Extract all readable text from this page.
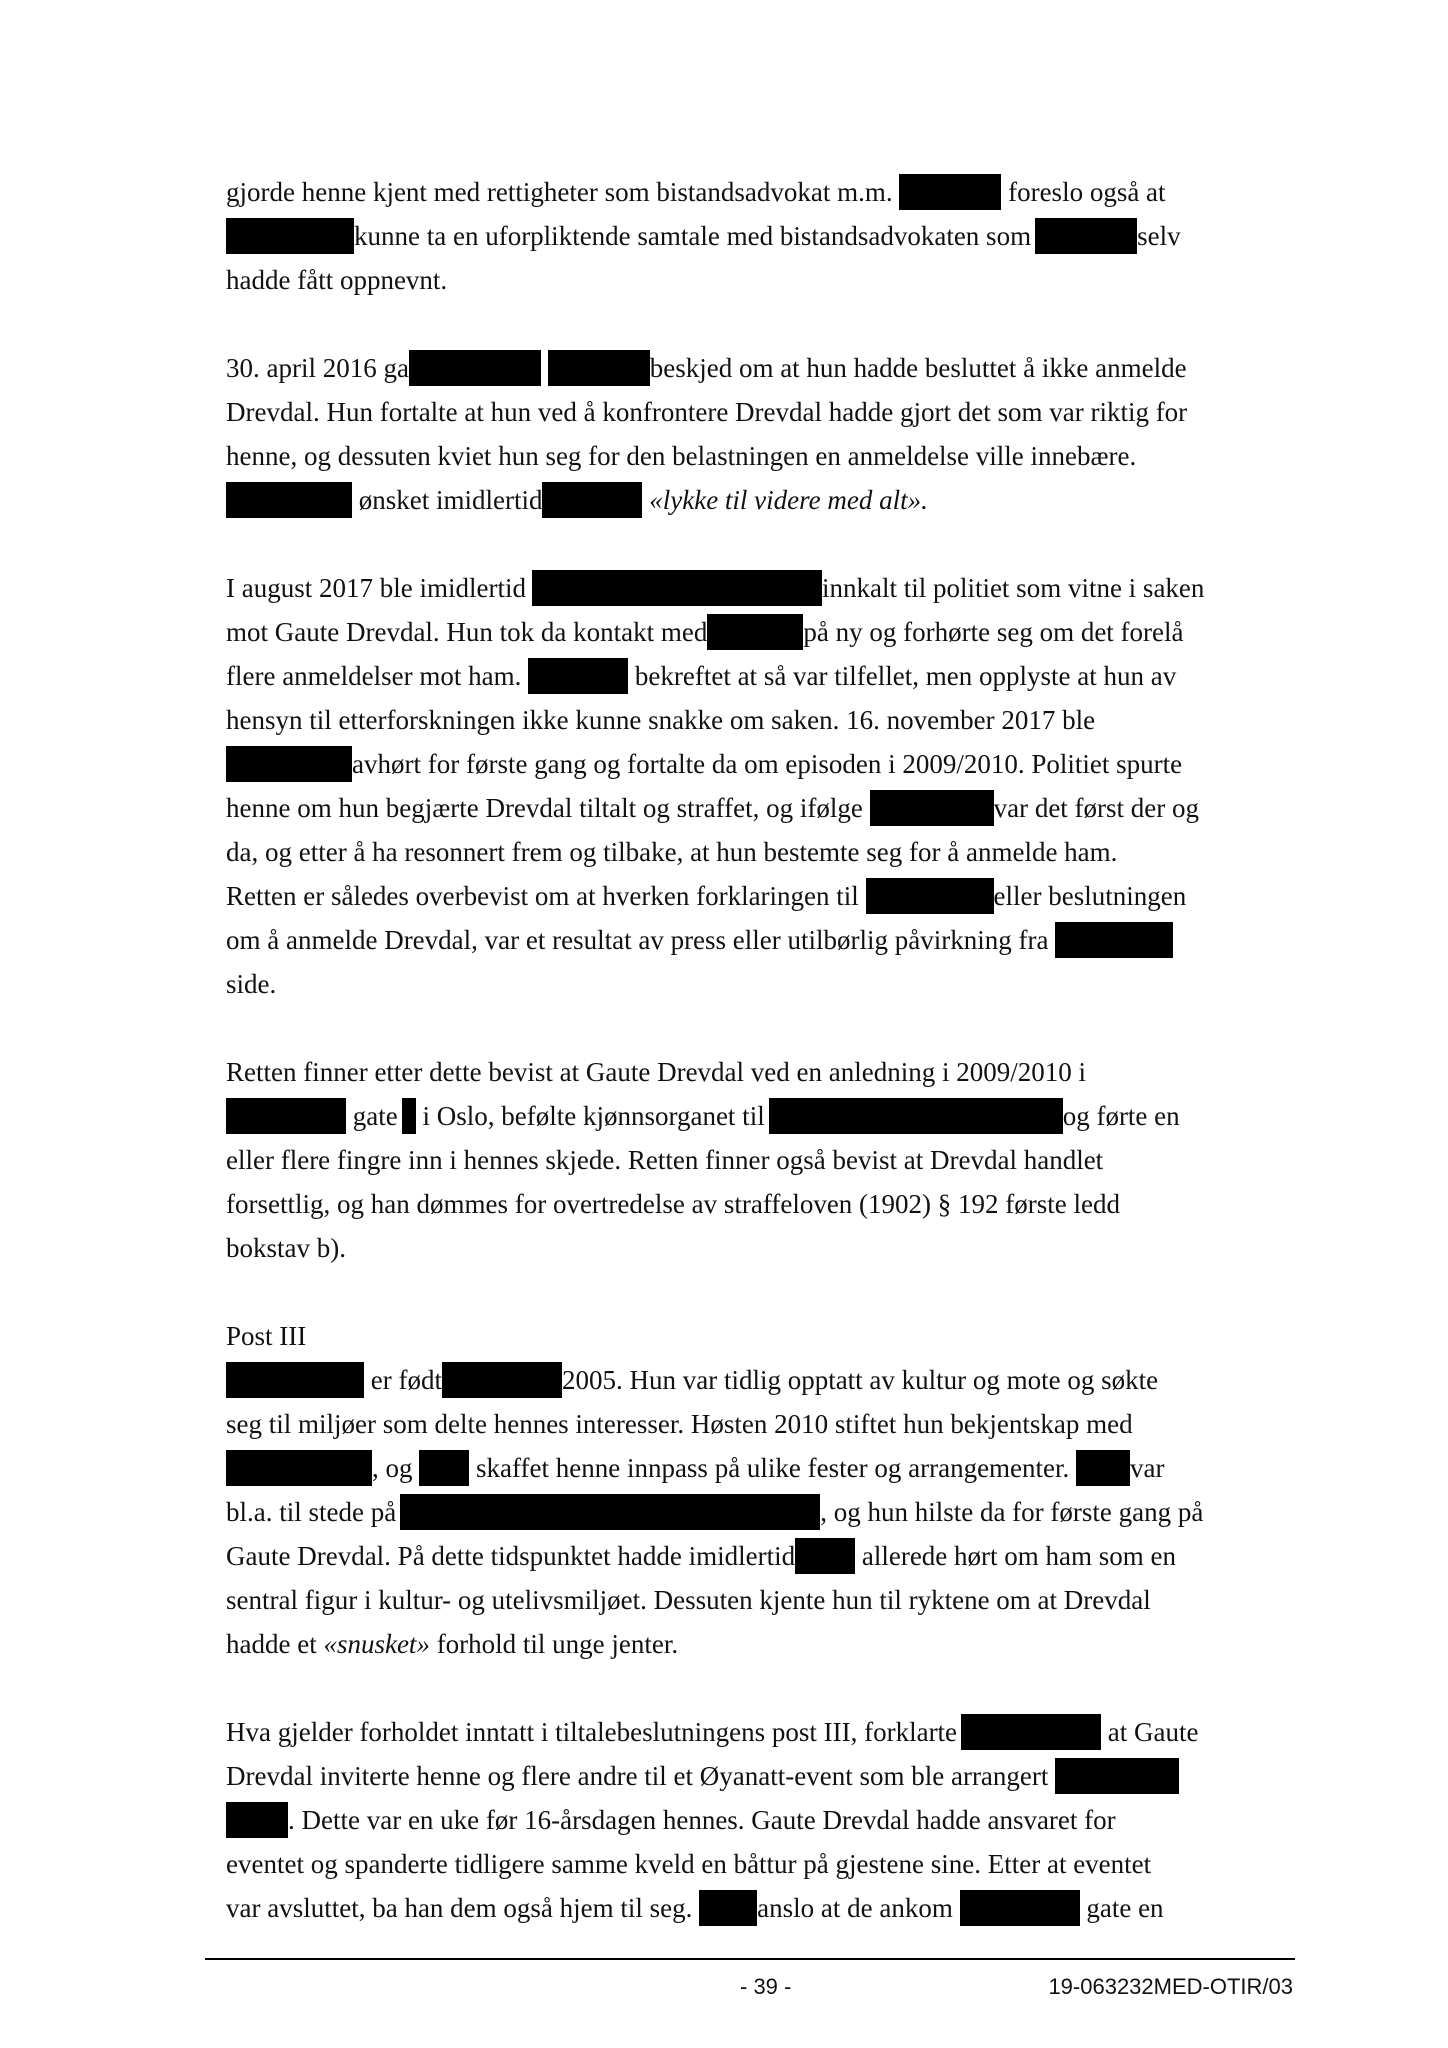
gjorde henne kjent med rettigheter som bistandsadvokat m.m.	foreslo også at
kunne ta en uforpliktende samtale med bistandsadvokaten som	selv
hadde fått oppnevnt.
30. april 2016 ga	beskjed om at hun hadde besluttet å ikke anmelde
Drevdal. Hun fortalte at hun ved å konfrontere Drevdal hadde gjort det som var riktig for
henne, og dessuten kviet hun seg for den belastningen en anmeldelse ville innebære.
ønsket imidlertid	«lykke til videre med alt».
I august 2017 ble imidlertid	innkalt til politiet som vitne i saken
mot Gaute Drevdal. Hun tok da kontakt med	på ny og forhørte seg om det forelå
flere anmeldelser mot ham.	bekreftet at så var tilfellet, men opplyste at hun av
hensyn til etterforskningen ikke kunne snakke om saken. 16. november 2017 ble
avhørt for første gang og fortalte da om episoden i 2009/2010. Politiet spurte
henne om hun begjærte Drevdal tiltalt og straffet, og ifølge	var det først der og
da, og etter å ha resonnert frem og tilbake, at hun bestemte seg for å anmelde ham.
Retten er således overbevist om at hverken forklaringen til	eller beslutningen
om å anmelde Drevdal, var et resultat av press eller utilbørlig påvirkning fra
side.
Retten finner etter dette bevist at Gaute Drevdal ved en anledning i 2009/2010 i
gate i Oslo, befølte kjønnsorganet til	og førte en
eller flere fingre inn i hennes skjede. Retten finner også bevist at Drevdal handlet
forsettlig, og han dømmes for overtredelse av straffeloven (1902) § 192 første ledd
bokstav b).
Post III
er født	2005. Hun var tidlig opptatt av kultur og mote og søkte
seg til miljøer som delte hennes interesser. Høsten 2010 stiftet hun bekjentskap med
, og skaffet henne innpass på ulike fester og arrangementer. var
bl.a. til stede på	, og hun hilste da for første gang på
Gaute Drevdal. På dette tidspunktet hadde imidlertid allerede hørt om ham som en
sentral figur i kultur- og utelivsmiljøet. Dessuten kjente hun til ryktene om at Drevdal
hadde et «snusket» forhold til unge jenter.
Hva gjelder forholdet inntatt i tiltalebeslutningens post III, forklarte	at Gaute
Drevdal inviterte henne og flere andre til et Øyanatt-event som ble arrangert
. Dette var en uke før 16-årsdagen hennes. Gaute Drevdal hadde ansvaret for
eventet og spanderte tidligere samme kveld en båttur på gjestene sine. Etter at eventet
var avsluttet, ba han dem også hjem til seg. anslo at de ankom	gate en
- 39 -	19-063232MED-OTIR/03
